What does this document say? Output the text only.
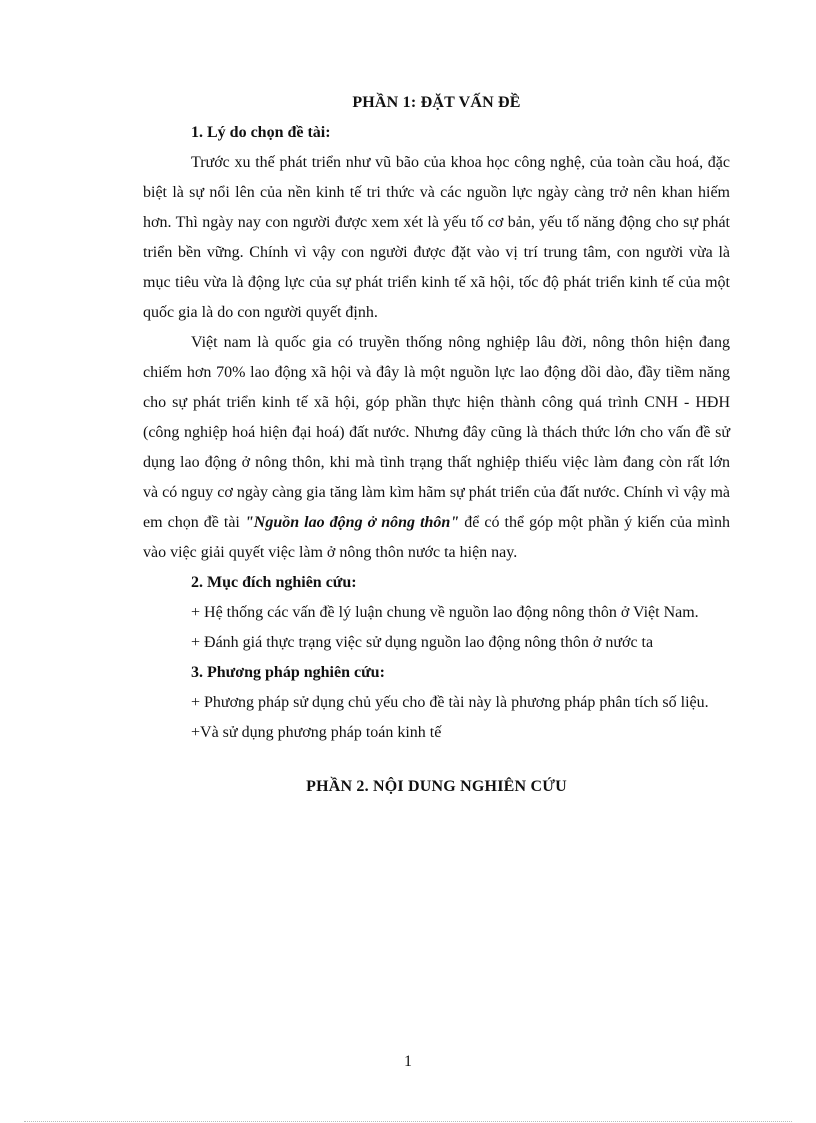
PHẦN 1: ĐẶT VẤN ĐỀ
1. Lý do chọn đề tài:

Trước xu thế phát triển như vũ bão của khoa học công nghệ, của toàn cầu hoá, đặc biệt là sự nổi lên của nền kinh tế tri thức và các nguồn lực ngày càng trở nên khan hiếm hơn. Thì ngày nay con người được xem xét là yếu tố cơ bản, yếu tố năng động cho sự phát triển bền vững. Chính vì vậy con người được đặt vào vị trí trung tâm, con người vừa là mục tiêu vừa là động lực của sự phát triển kinh tế xã hội, tốc độ phát triển kinh tế của một quốc gia là do con người quyết định.

Việt nam là quốc gia có truyền thống nông nghiệp lâu đời, nông thôn hiện đang chiếm hơn 70% lao động xã hội và đây là một nguồn lực lao động dồi dào, đầy tiềm năng cho sự phát triển kinh tế xã hội, góp phần thực hiện thành công quá trình CNH - HĐH (công nghiệp hoá hiện đại hoá) đất nước. Nhưng đây cũng là thách thức lớn cho vấn đề sử dụng lao động ở nông thôn, khi mà tình trạng thất nghiệp thiếu việc làm đang còn rất lớn và có nguy cơ ngày càng gia tăng làm kìm hãm sự phát triển của đất nước. Chính vì vậy mà em chọn đề tài "Nguồn lao động ở nông thôn" để có thể góp một phần ý kiến của mình vào việc giải quyết việc làm ở nông thôn nước ta hiện nay.

2. Mục đích nghiên cứu:

+ Hệ thống các vấn đề lý luận chung về nguồn lao động nông thôn ở Việt Nam.

+ Đánh giá thực trạng việc sử dụng nguồn lao động nông thôn ở nước ta

3. Phương pháp nghiên cứu:

+ Phương pháp sử dụng chủ yếu cho đề tài này là phương pháp phân tích số liệu.

+Và sử dụng phương pháp toán kinh tế

PHẦN 2. NỘI DUNG NGHIÊN CỨU
1
